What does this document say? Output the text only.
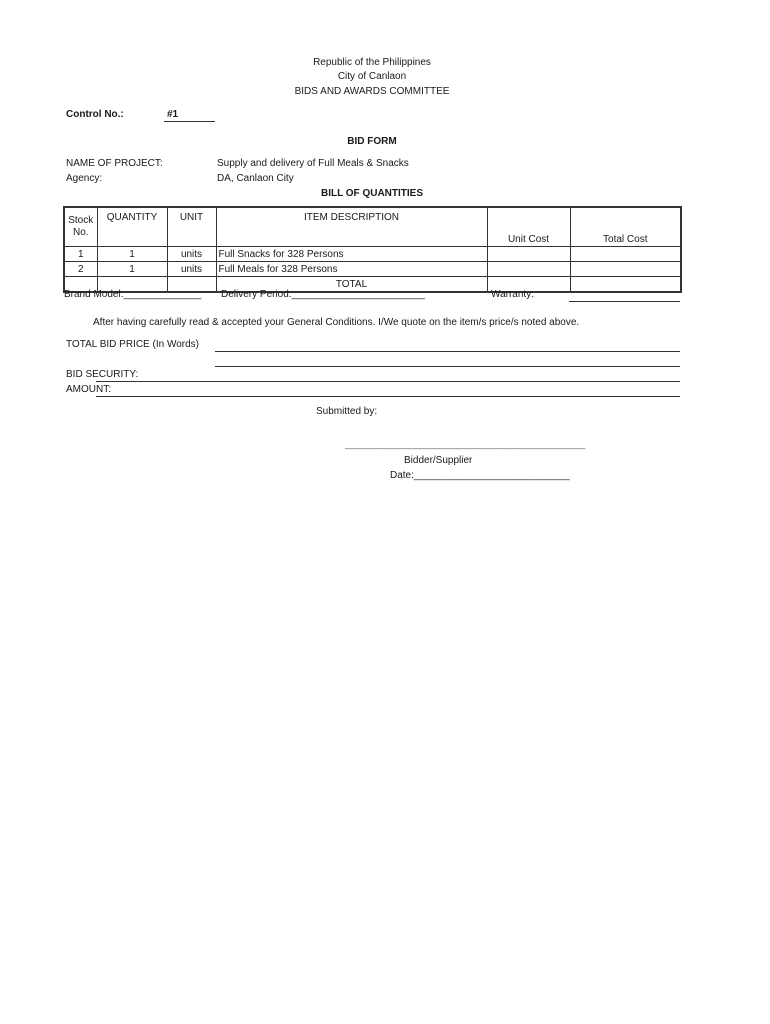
Republic of the Philippines
City of Canlaon
BIDS AND AWARDS COMMITTEE
Control No.:	#1
BID FORM
NAME OF PROJECT:	Supply and delivery of Full Meals & Snacks
Agency:	DA, Canlaon City
BILL OF QUANTITIES
Stock No.	QUANTITY	UNIT	ITEM DESCRIPTION	Unit Cost	Total Cost
1	1	units	Full Snacks for 328 Persons		
2	1	units	Full Meals for 328 Persons		
			TOTAL		
Brand Model:______________ Delivery Period:________________________	Warranty:
After having carefully read & accepted your General Conditions. I/We quote on the item/s price/s noted above.
TOTAL BID PRICE (In Words)
BID SECURITY:
AMOUNT:
Submitted by:
________________________________________________
Bidder/Supplier
Date:____________________________
